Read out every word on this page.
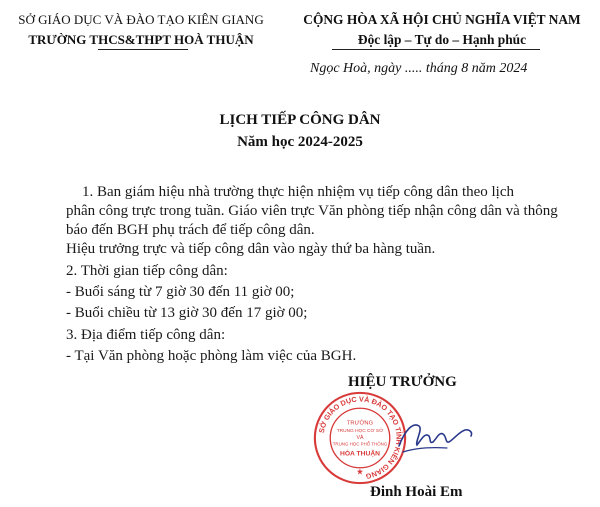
SỞ GIÁO DỤC VÀ ĐÀO TẠO KIÊN GIANG
TRƯỜNG THCS&THPT HOÀ THUẬN
CỘNG HÒA XÃ HỘI CHỦ NGHĨA VIỆT NAM
Độc lập – Tự do – Hạnh phúc
Ngọc Hoà, ngày ..... tháng 8 năm 2024
LỊCH TIẾP CÔNG DÂN
Năm học 2024-2025
1. Ban giám hiệu nhà trường thực hiện nhiệm vụ tiếp công dân theo lịch
phân công trực trong tuần. Giáo viên trực Văn phòng tiếp nhận công dân và thông
báo đến BGH phụ trách để tiếp công dân.
Hiệu trưởng trực và tiếp công dân vào ngày thứ ba hàng tuần.
2. Thời gian tiếp công dân:
- Buổi sáng từ 7 giờ 30 đến 11 giờ 00;
- Buổi chiều từ 13 giờ 30 đến 17 giờ 00;
3. Địa điểm tiếp công dân:
- Tại Văn phòng hoặc phòng làm việc của BGH.
HIỆU TRƯỞNG
SỞ GIÁO DỤC VÀ ĐÀO TẠO TỈNH KIÊN GIANG
TRƯỜNG
TRUNG HỌC CƠ SỞ
VÀ
TRUNG HỌC PHỔ THÔNG
HÒA THUẬN
★
Đinh Hoài Em
